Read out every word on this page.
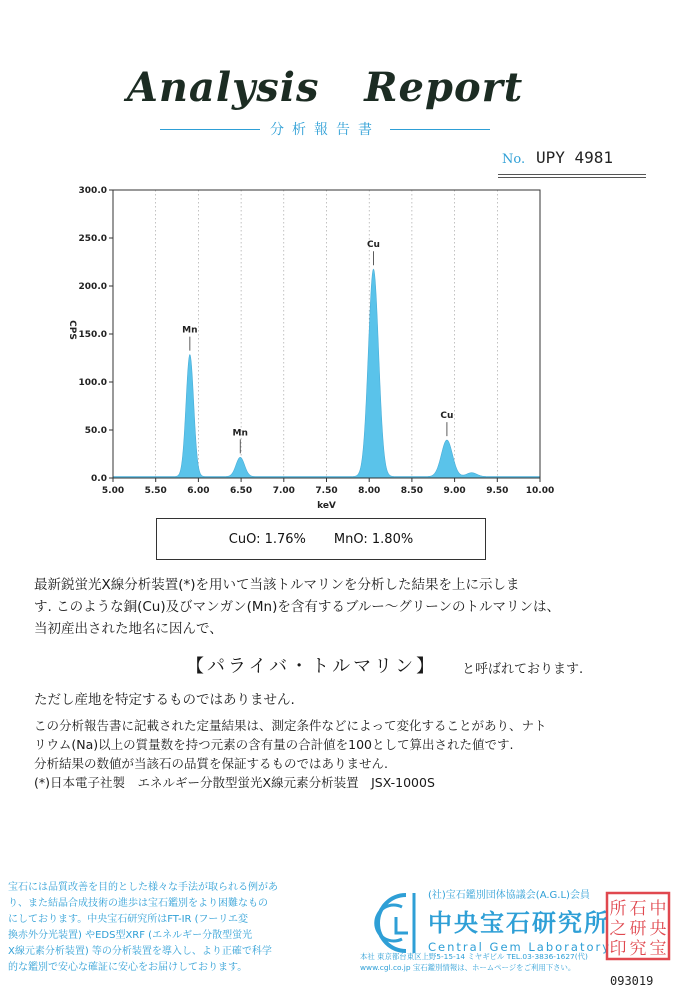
Analysis   Report
分析報告書
No. UPY 4981
0.0
50.0
100.0
150.0
200.0
250.0
300.0
5.00 5.50 6.00 6.50 7.00 7.50 8.00 8.50 9.00 9.50 10.00
Mn
Mn
Cu
Cu
CPS
keV
CuO: 1.76% MnO: 1.80%
最新鋭蛍光X線分析装置(*)を用いて当該トルマリンを分析した結果を上に示しま
す. このような銅(Cu)及びマンガン(Mn)を含有するブルー～グリーンのトルマリンは、
当初産出された地名に因んで、
【パライバ・トルマリン】 と呼ばれております.
ただし産地を特定するものではありません.
この分析報告書に記載された定量結果は、測定条件などによって変化することがあり、ナト
リウム(Na)以上の質量数を持つ元素の含有量の合計値を100として算出された値です.
分析結果の数値が当該石の品質を保証するものではありません.
(*)日本電子社製　エネルギー分散型蛍光X線元素分析装置　JSX-1000S
宝石には品質改善を目的とした様々な手法が取られる例があ
り、また結晶合成技術の進歩は宝石鑑別をより困難なもの
にしております。中央宝石研究所はFT-IR (フーリエ変
換赤外分光装置) やEDS型XRF (エネルギー分散型蛍光
X線元素分析装置) 等の分析装置を導入し、より正確で科学
的な鑑別で安心な確証に安心をお届けしております。
(社)宝石鑑別団体協議会(A.G.L)会員
中央宝石研究所
Central Gem Laboratory
本社 東京都台東区上野5-15-14 ミヤギビル TEL.03-3836-1627(代)
www.cgl.co.jp 宝石鑑別情報は、ホームページをご利用下さい。
中
央
宝
石
研
究
所
之
印
093019
